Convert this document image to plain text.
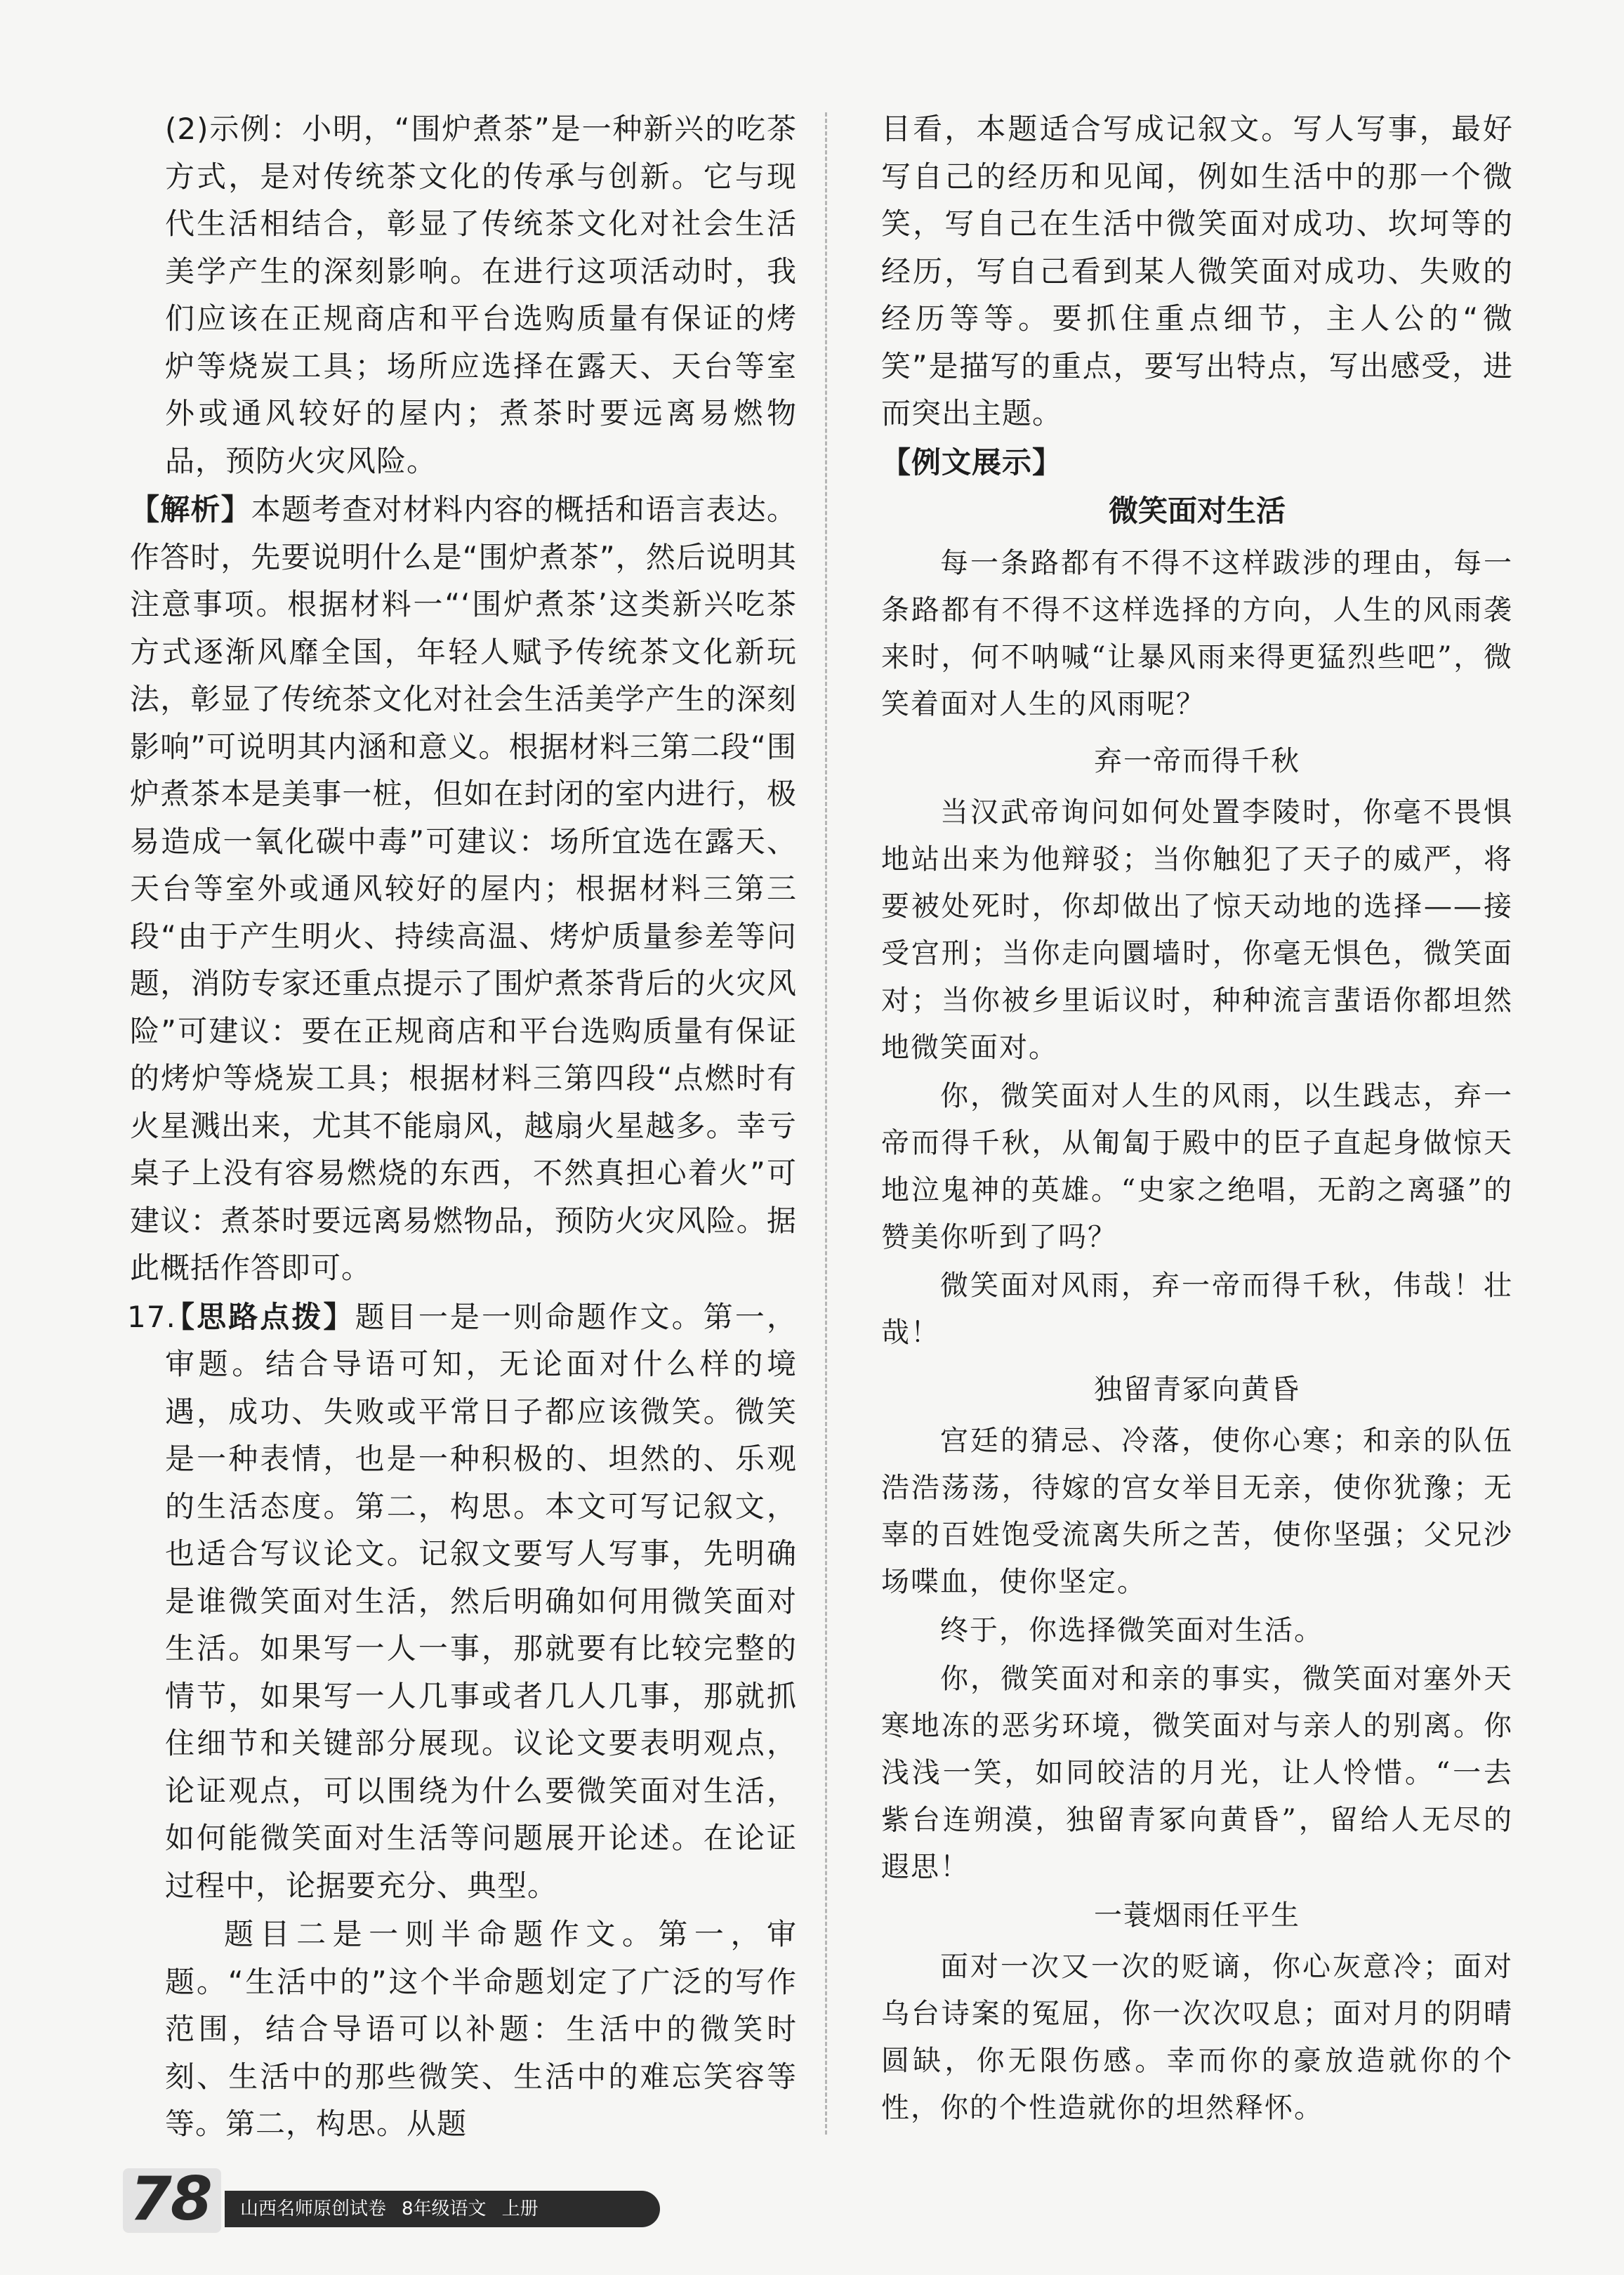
(2)示例：小明，“围炉煮茶”是一种新兴的吃茶方式，是对传统茶文化的传承与创新。它与现代生活相结合，彰显了传统茶文化对社会生活美学产生的深刻影响。在进行这项活动时，我们应该在正规商店和平台选购质量有保证的烤炉等烧炭工具；场所应选择在露天、天台等室外或通风较好的屋内；煮茶时要远离易燃物品，预防火灾风险。

【解析】本题考查对材料内容的概括和语言表达。作答时，先要说明什么是“围炉煮茶”，然后说明其注意事项。根据材料一“‘围炉煮茶’这类新兴吃茶方式逐渐风靡全国，年轻人赋予传统茶文化新玩法，彰显了传统茶文化对社会生活美学产生的深刻影响”可说明其内涵和意义。根据材料三第二段“围炉煮茶本是美事一桩，但如在封闭的室内进行，极易造成一氧化碳中毒”可建议：场所宜选在露天、天台等室外或通风较好的屋内；根据材料三第三段“由于产生明火、持续高温、烤炉质量参差等问题，消防专家还重点提示了围炉煮茶背后的火灾风险”可建议：要在正规商店和平台选购质量有保证的烤炉等烧炭工具；根据材料三第四段“点燃时有火星溅出来，尤其不能扇风，越扇火星越多。幸亏桌子上没有容易燃烧的东西，不然真担心着火”可建议：煮茶时要远离易燃物品，预防火灾风险。据此概括作答即可。

17.
【思路点拨】题目一是一则命题作文。第一，审题。结合导语可知，无论面对什么样的境遇，成功、失败或平常日子都应该微笑。微笑是一种表情，也是一种积极的、坦然的、乐观的生活态度。第二，构思。本文可写记叙文，也适合写议论文。记叙文要写人写事，先明确是谁微笑面对生活，然后明确如何用微笑面对生活。如果写一人一事，那就要有比较完整的情节，如果写一人几事或者几人几事，那就抓住细节和关键部分展现。议论文要表明观点，论证观点，可以围绕为什么要微笑面对生活，如何能微笑面对生活等问题展开论述。在论证过程中，论据要充分、典型。

题目二是一则半命题作文。第一，审题。“生活中的”这个半命题划定了广泛的写作范围，结合导语可以补题：生活中的微笑时刻、生活中的那些微笑、生活中的难忘笑容等等。第二，构思。从题

目看，本题适合写成记叙文。写人写事，最好写自己的经历和见闻，例如生活中的那一个微笑，写自己在生活中微笑面对成功、坎坷等的经历，写自己看到某人微笑面对成功、失败的经历等等。要抓住重点细节，主人公的“微笑”是描写的重点，要写出特点，写出感受，进而突出主题。

【例文展示】

微笑面对生活

每一条路都有不得不这样跋涉的理由，每一条路都有不得不这样选择的方向，人生的风雨袭来时，何不呐喊“让暴风雨来得更猛烈些吧”，微笑着面对人生的风雨呢？

弃一帝而得千秋

当汉武帝询问如何处置李陵时，你毫不畏惧地站出来为他辩驳；当你触犯了天子的威严，将要被处死时，你却做出了惊天动地的选择——接受宫刑；当你走向圜墙时，你毫无惧色，微笑面对；当你被乡里诟议时，种种流言蜚语你都坦然地微笑面对。

你，微笑面对人生的风雨，以生践志，弃一帝而得千秋，从匍匐于殿中的臣子直起身做惊天地泣鬼神的英雄。“史家之绝唱，无韵之离骚”的赞美你听到了吗？

微笑面对风雨，弃一帝而得千秋，伟哉！壮哉！

独留青冢向黄昏

宫廷的猜忌、冷落，使你心寒；和亲的队伍浩浩荡荡，待嫁的宫女举目无亲，使你犹豫；无辜的百姓饱受流离失所之苦，使你坚强；父兄沙场喋血，使你坚定。

终于，你选择微笑面对生活。

你，微笑面对和亲的事实，微笑面对塞外天寒地冻的恶劣环境，微笑面对与亲人的别离。你浅浅一笑，如同皎洁的月光，让人怜惜。“一去紫台连朔漠，独留青冢向黄昏”，留给人无尽的遐思！

一蓑烟雨任平生

面对一次又一次的贬谪，你心灰意冷；面对乌台诗案的冤屈，你一次次叹息；面对月的阴晴圆缺，你无限伤感。幸而你的豪放造就你的个性，你的个性造就你的坦然释怀。

78	山西名师原创试卷 8年级语文 上册
